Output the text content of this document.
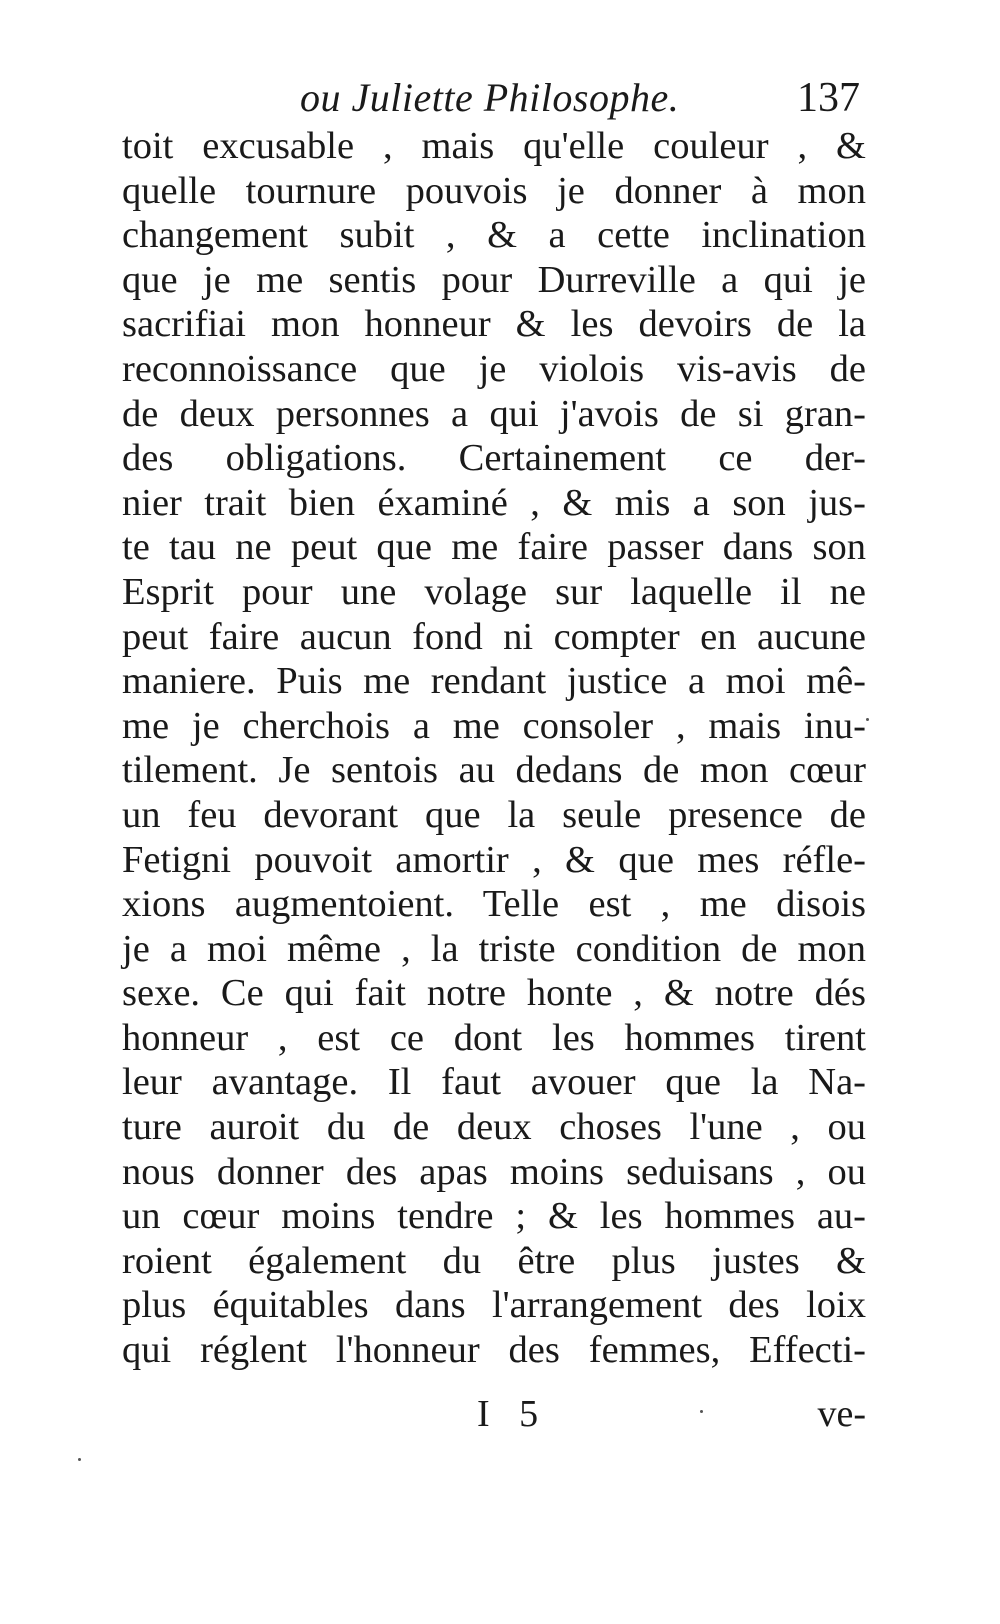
ou Juliette Philosophe.	137
toit excusable , mais qu'elle couleur , &
quelle tournure pouvois je donner à mon
changement subit , & a cette inclination
que je me sentis pour Durreville a qui je
sacrifiai mon honneur & les devoirs de la
reconnoissance que je violois vis-avis de
de deux personnes a qui j'avois de si gran-
des obligations. Certainement ce der-
nier trait bien éxaminé , & mis a son jus-
te tau ne peut que me faire passer dans son
Esprit pour une volage sur laquelle il ne
peut faire aucun fond ni compter en aucune
maniere. Puis me rendant justice a moi mê-
me je cherchois a me consoler , mais inu-
tilement. Je sentois au dedans de mon cœur
un feu devorant que la seule presence de
Fetigni pouvoit amortir , & que mes réfle-
xions augmentoient. Telle est , me disois
je a moi même , la triste condition de mon
sexe. Ce qui fait notre honte , & notre dés
honneur , est ce dont les hommes tirent
leur avantage. Il faut avouer que la Na-
ture auroit du de deux choses l'une , ou
nous donner des apas moins seduisans , ou
un cœur moins tendre ; & les hommes au-
roient également du être plus justes &
plus équitables dans l'arrangement des loix
qui réglent l'honneur des femmes, Effecti-
I 5	ve-
